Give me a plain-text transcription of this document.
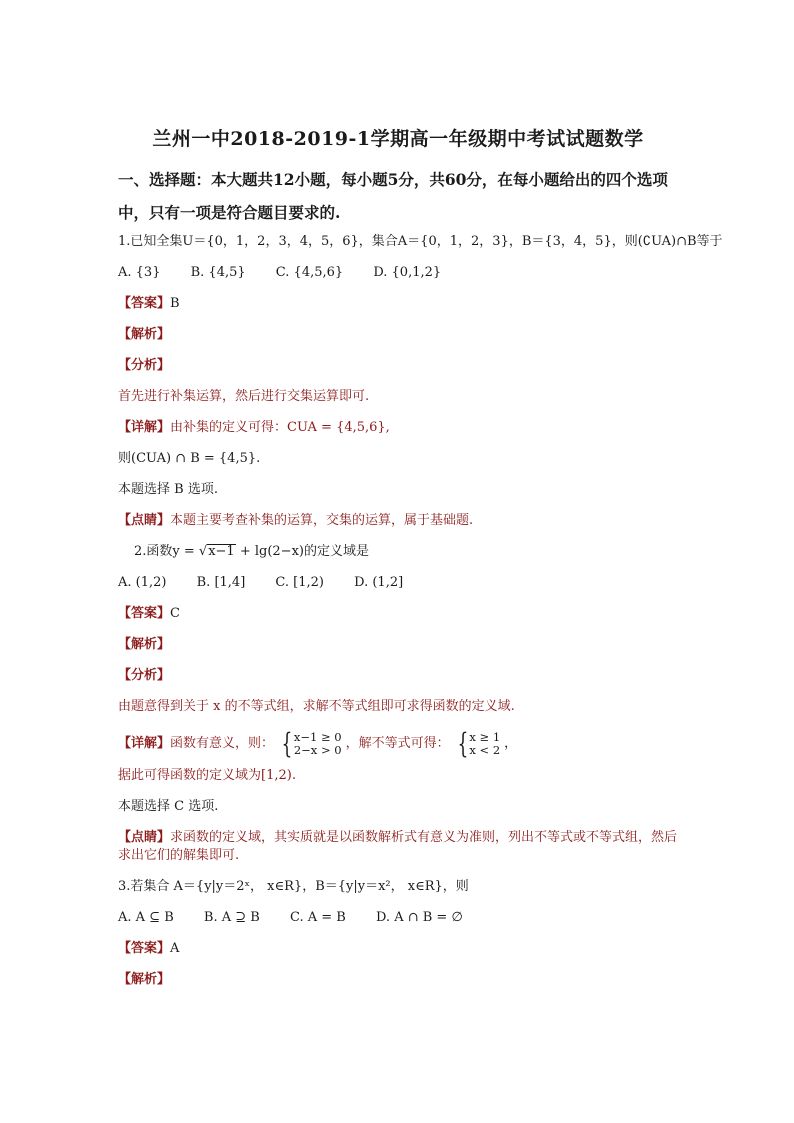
兰州一中2018-2019-1学期高一年级期中考试试题数学
一、选择题：本大题共12小题，每小题5分，共60分，在每小题给出的四个选项中，只有一项是符合题目要求的.

1.已知全集U＝{0，1，2，3，4，5，6}，集合A＝{0，1，2，3}，B＝{3，4，5}，则(∁UA)∩B等于

A. {3} B. {4,5} C. {4,5,6} D. {0,1,2}

【答案】B

【解析】

【分析】

首先进行补集运算，然后进行交集运算即可.

【详解】由补集的定义可得：CUA = {4,5,6},

则(CUA) ∩ B = {4,5}.

本题选择 B 选项.

【点睛】本题主要考查补集的运算，交集的运算，属于基础题.

2.函数y = √x−1 + lg(2−x)的定义域是

A. (1,2) B. [1,4] C. [1,2) D. (1,2]

【答案】C

【解析】

【分析】

由题意得到关于 x 的不等式组，求解不等式组即可求得函数的定义域.

【详解】函数有意义，则： { x−1 ≥ 0
2−x > 0 ，解不等式可得： { x ≥ 1
x < 2 ，

据此可得函数的定义域为[1,2).

本题选择 C 选项.

【点睛】求函数的定义域，其实质就是以函数解析式有意义为准则，列出不等式或不等式组，然后求出它们的解集即可.

3.若集合 A＝{y|y＝2ˣ， x∈R}，B＝{y|y＝x²， x∈R}，则

A. A ⊆ B B. A ⊇ B C. A = B D. A ∩ B = ∅

【答案】A

【解析】
